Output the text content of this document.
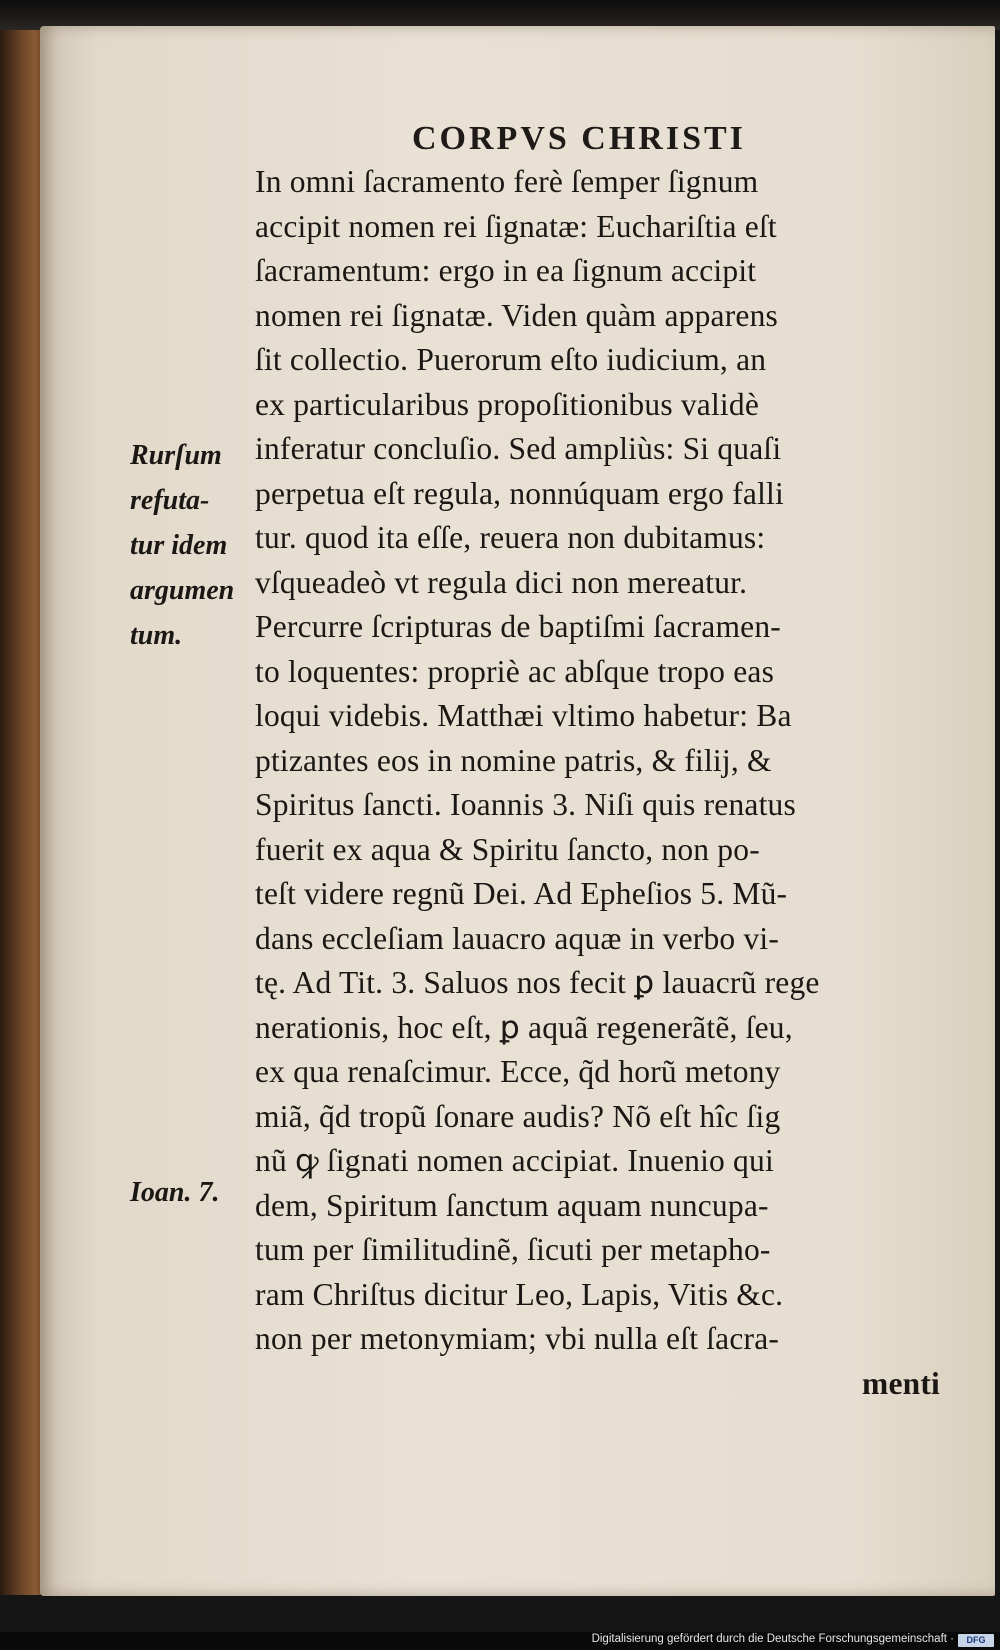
CORPVS CHRISTI
Rurſum
refuta-
tur idem
argumen
tum.
Ioan. 7.
In omni ſacramento ferè ſemper ſignum
accipit nomen rei ſignatæ: Euchariſtia eſt
ſacramentum: ergo in ea ſignum accipit
nomen rei ſignatæ. Viden quàm apparens
ſit collectio. Puerorum eſto iudicium, an
ex particularibus propoſitionibus validè
inferatur concluſio. Sed ampliùs: Si quaſi
perpetua eſt regula, nonnúquam ergo falli
tur. quod ita eſſe, reuera non dubitamus:
vſqueadeò vt regula dici non mereatur.
Percurre ſcripturas de baptiſmi ſacramen-
to loquentes: propriè ac abſque tropo eas
loqui videbis. Matthæi vltimo habetur: Ba
ptizantes eos in nomine patris, & filij, &
Spiritus ſancti. Ioannis 3. Niſi quis renatus
fuerit ex aqua & Spiritu ſancto, non po-
teſt videre regnũ Dei. Ad Epheſios 5. Mũ-
dans eccleſiam lauacro aquæ in verbo vi-
tę. Ad Tit. 3. Saluos nos fecit ꝑ lauacrũ rege
nerationis, hoc eſt, ꝑ aquã regenerãtẽ, ſeu,
ex qua renaſcimur. Ecce, q̃d horũ metony
miã, q̃d tropũ ſonare audis? Nõ eſt hîc ſig
nũ ꝙ ſignati nomen accipiat. Inuenio qui
dem, Spiritum ſanctum aquam nuncupa-
tum per ſimilitudinẽ, ſicuti per metapho-
ram Chriſtus dicitur Leo, Lapis, Vitis &c.
non per metonymiam; vbi nulla eſt ſacra-
menti
Digitalisierung gefördert durch die Deutsche Forschungsgemeinschaft ·	DFG
